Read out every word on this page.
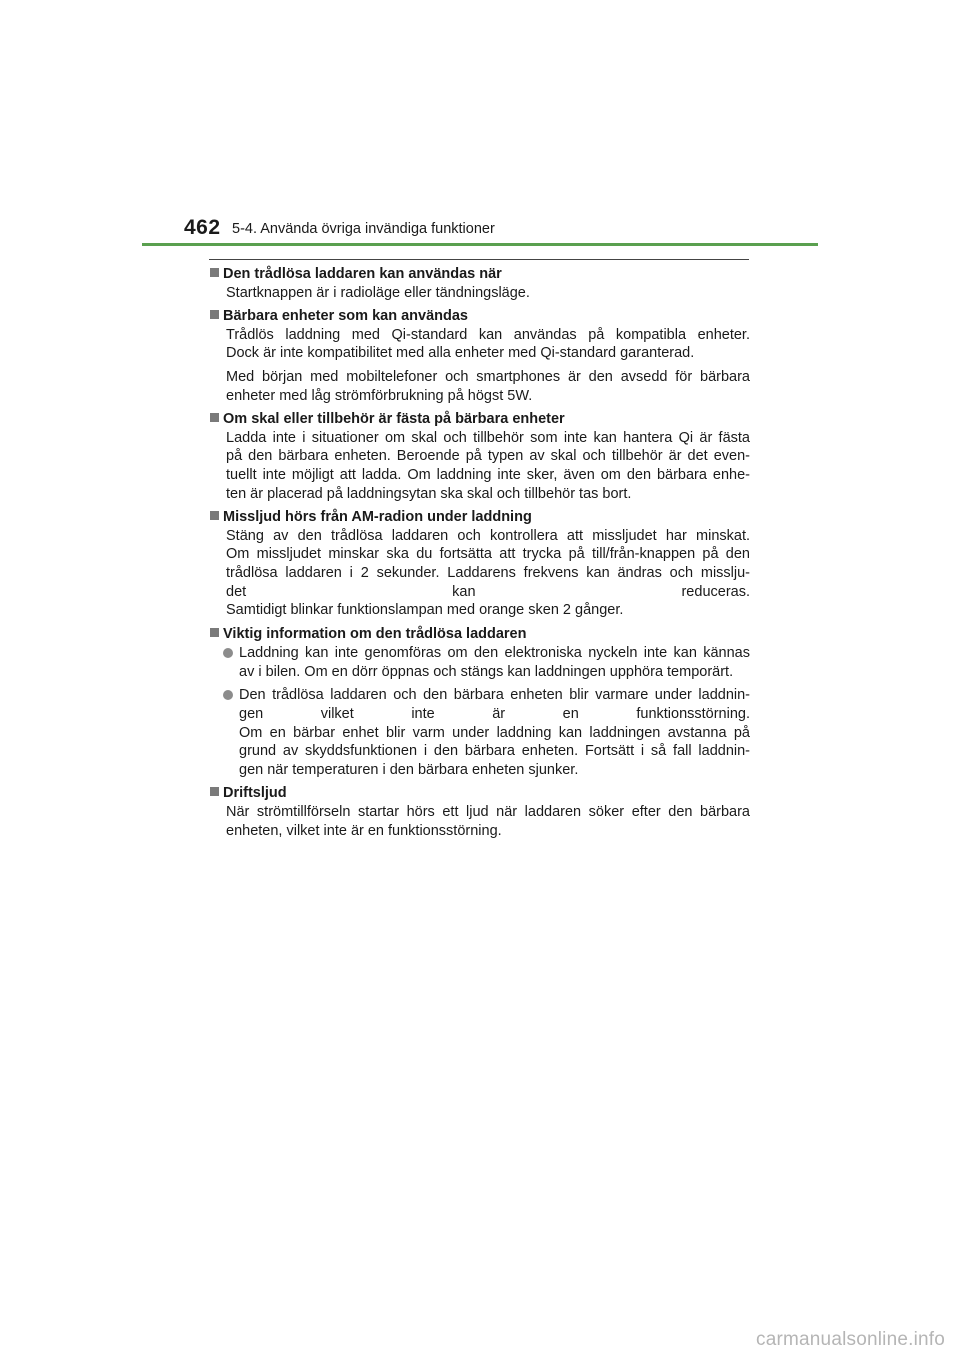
462 5-4. Använda övriga invändiga funktioner
Den trådlösa laddaren kan användas när
Startknappen är i radioläge eller tändningsläge.
Bärbara enheter som kan användas
Trådlös laddning med Qi-standard kan användas på kompatibla enheter.
Dock är inte kompatibilitet med alla enheter med Qi-standard garanterad.
Med början med mobiltelefoner och smartphones är den avsedd för bärbara
enheter med låg strömförbrukning på högst 5W.
Om skal eller tillbehör är fästa på bärbara enheter
Ladda inte i situationer om skal och tillbehör som inte kan hantera Qi är fästa
på den bärbara enheten. Beroende på typen av skal och tillbehör är det even-
tuellt inte möjligt att ladda. Om laddning inte sker, även om den bärbara enhe-
ten är placerad på laddningsytan ska skal och tillbehör tas bort.
Missljud hörs från AM-radion under laddning
Stäng av den trådlösa laddaren och kontrollera att missljudet har minskat.
Om missljudet minskar ska du fortsätta att trycka på till/från-knappen på den
trådlösa laddaren i 2 sekunder. Laddarens frekvens kan ändras och misslju-
det kan reduceras.
Samtidigt blinkar funktionslampan med orange sken 2 gånger.
Viktig information om den trådlösa laddaren
Laddning kan inte genomföras om den elektroniska nyckeln inte kan kännas
av i bilen. Om en dörr öppnas och stängs kan laddningen upphöra temporärt.
Den trådlösa laddaren och den bärbara enheten blir varmare under laddnin-
gen vilket inte är en funktionsstörning.
Om en bärbar enhet blir varm under laddning kan laddningen avstanna på
grund av skyddsfunktionen i den bärbara enheten. Fortsätt i så fall laddnin-
gen när temperaturen i den bärbara enheten sjunker.
Driftsljud
När strömtillförseln startar hörs ett ljud när laddaren söker efter den bärbara
enheten, vilket inte är en funktionsstörning.
carmanualsonline.info
